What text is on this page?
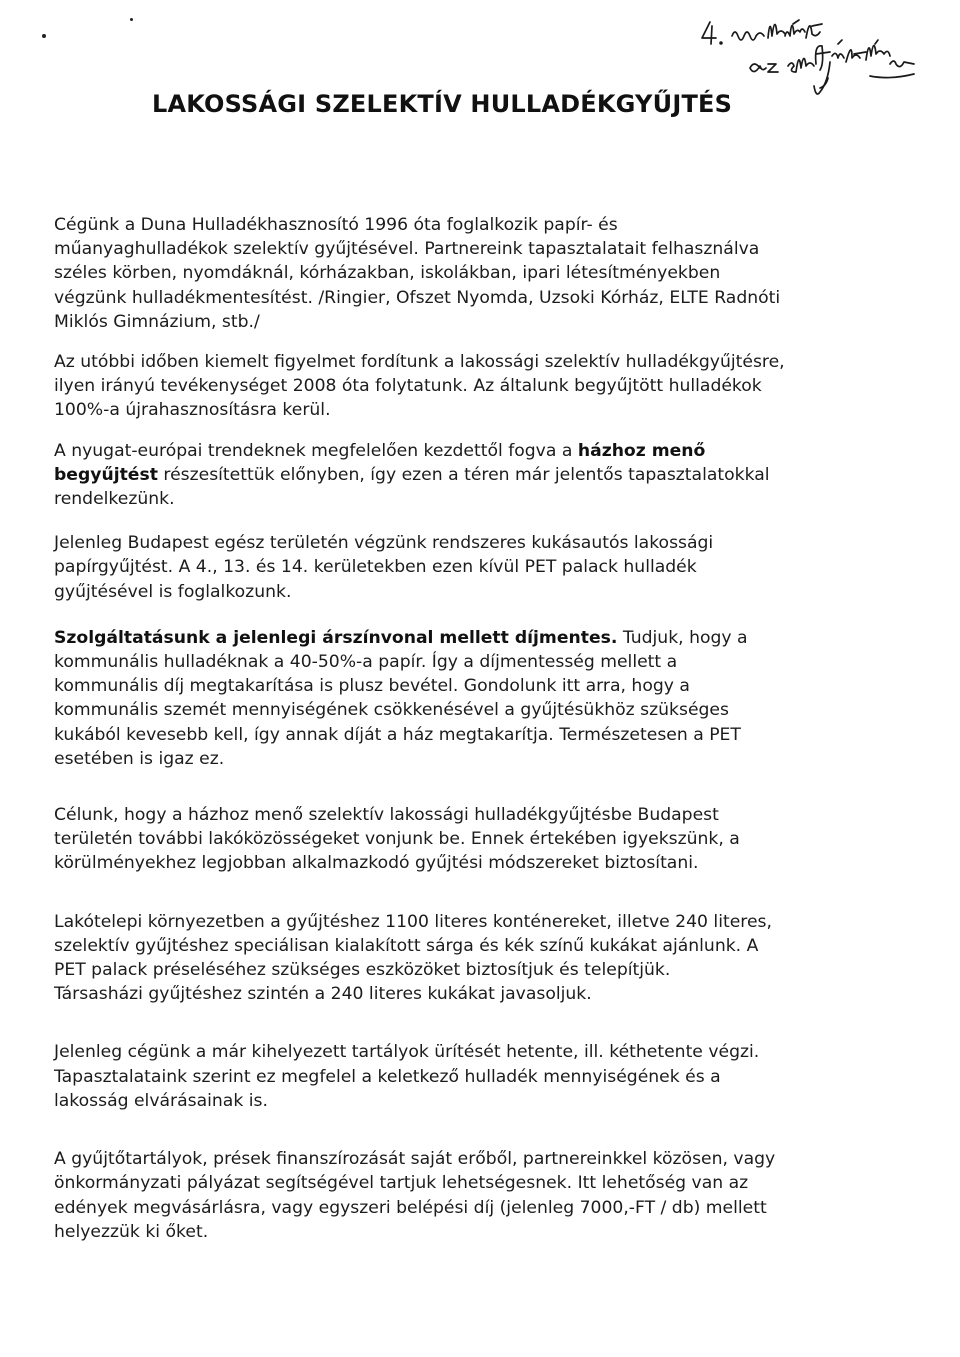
LAKOSSÁGI SZELEKTÍV HULLADÉKGYŰJTÉS

Cégünk a Duna Hulladékhasznosító 1996 óta foglalkozik papír- és
műanyaghulladékok szelektív gyűjtésével. Partnereink tapasztalatait felhasználva
széles körben, nyomdáknál, kórházakban, iskolákban, ipari létesítményekben
végzünk hulladékmentesítést. /Ringier, Ofszet Nyomda, Uzsoki Kórház, ELTE Radnóti
Miklós Gimnázium, stb./

Az utóbbi időben kiemelt figyelmet fordítunk a lakossági szelektív hulladékgyűjtésre,
ilyen irányú tevékenységet 2008 óta folytatunk. Az általunk begyűjtött hulladékok
100%-a újrahasznosításra kerül.

A nyugat-európai trendeknek megfelelően kezdettől fogva a házhoz menő
begyűjtést részesítettük előnyben, így ezen a téren már jelentős tapasztalatokkal
rendelkezünk.

Jelenleg Budapest egész területén végzünk rendszeres kukásautós lakossági
papírgyűjtést. A 4., 13. és 14. kerületekben ezen kívül PET palack hulladék
gyűjtésével is foglalkozunk.

Szolgáltatásunk a jelenlegi árszínvonal mellett díjmentes. Tudjuk, hogy a
kommunális hulladéknak a 40-50%-a papír. Így a díjmentesség mellett a
kommunális díj megtakarítása is plusz bevétel. Gondolunk itt arra, hogy a
kommunális szemét mennyiségének csökkenésével a gyűjtésükhöz szükséges
kukából kevesebb kell, így annak díját a ház megtakarítja. Természetesen a PET
esetében is igaz ez.

Célunk, hogy a házhoz menő szelektív lakossági hulladékgyűjtésbe Budapest
területén további lakóközösségeket vonjunk be. Ennek értekében igyekszünk, a
körülményekhez legjobban alkalmazkodó gyűjtési módszereket biztosítani.

Lakótelepi környezetben a gyűjtéshez 1100 literes konténereket, illetve 240 literes,
szelektív gyűjtéshez speciálisan kialakított sárga és kék színű kukákat ajánlunk. A
PET palack préseléséhez szükséges eszközöket biztosítjuk és telepítjük.
Társasházi gyűjtéshez szintén a 240 literes kukákat javasoljuk.

Jelenleg cégünk a már kihelyezett tartályok ürítését hetente, ill. kéthetente végzi.
Tapasztalataink szerint ez megfelel a keletkező hulladék mennyiségének és a
lakosság elvárásainak is.

A gyűjtőtartályok, prések finanszírozását saját erőből, partnereinkkel közösen, vagy
önkormányzati pályázat segítségével tartjuk lehetségesnek. Itt lehetőség van az
edények megvásárlásra, vagy egyszeri belépési díj (jelenleg 7000,-FT / db) mellett
helyezzük ki őket.
